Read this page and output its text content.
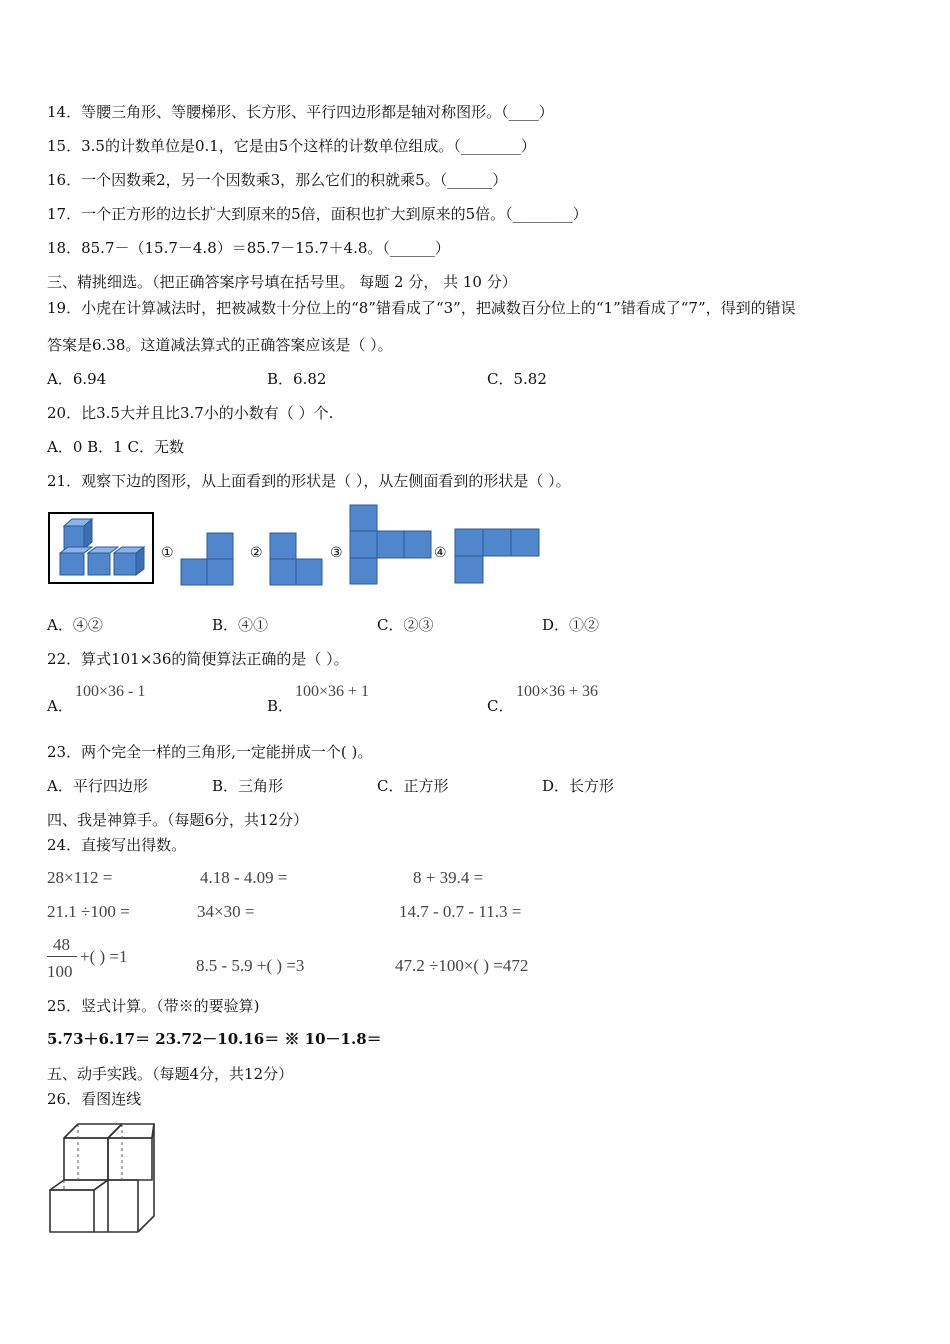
14．等腰三角形、等腰梯形、长方形、平行四边形都是轴对称图形。（____）
15．3.5的计数单位是0.1，它是由5个这样的计数单位组成。（________）
16．一个因数乘2，另一个因数乘3，那么它们的积就乘5。（______）
17．一个正方形的边长扩大到原来的5倍，面积也扩大到原来的5倍。（________）
18．85.7－（15.7－4.8）＝85.7－15.7＋4.8。（______）
三、精挑细选。（把正确答案序号填在括号里。 每题 2 分， 共 10 分）
19．小虎在计算减法时，把被减数十分位上的“8”错看成了“3”，把减数百分位上的“1”错看成了“7”，得到的错误
答案是6.38。这道减法算式的正确答案应该是（ ）。
A．6.94	B．6.82	C．5.82
20．比3.5大并且比3.7小的小数有（ ）个.
A．0 B．1 C．无数
21．观察下边的图形，从上面看到的形状是（ ），从左侧面看到的形状是（ ）。
①	②	③	④
A．④②	B．④①	C．②③	D．①②
22．算式101×36的简便算法正确的是（ ）。
A．
100×36 - 1
B．
100×36 + 1
C．
100×36 + 36
23．两个完全一样的三角形,一定能拼成一个( )。
A．平行四边形	B．三角形	C．正方形	D．长方形
四、我是神算手。（每题6分，共12分）
24．直接写出得数。
28×112 =	4.18 - 4.09 =	8 + 39.4 =
21.1 ÷100 =	34×30 =	14.7 - 0.7 - 11.3 =
48
100
+( ) =1	8.5 - 5.9 +( ) =3	47.2 ÷100×( ) =472
25．竖式计算。（带※的要验算)
5.73＋6.17＝ 23.72－10.16＝ ※ 10－1.8＝
五、动手实践。（每题4分，共12分）
26．看图连线
